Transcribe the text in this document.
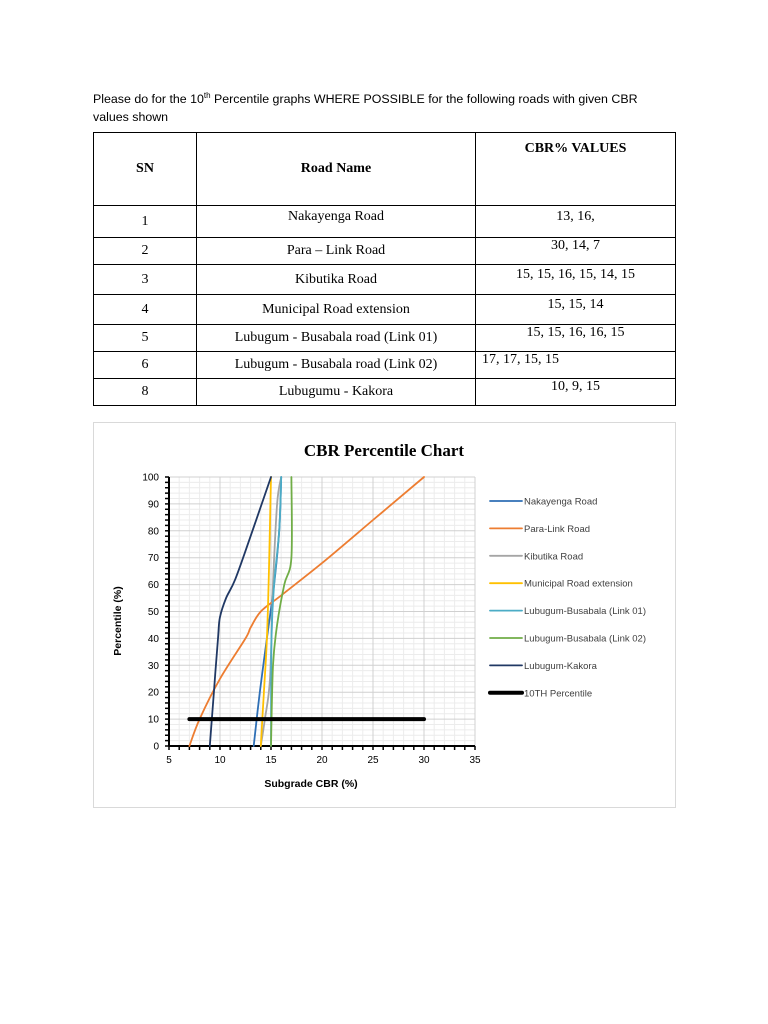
Please do for the 10th Percentile graphs WHERE POSSIBLE for the following roads with given CBR values shown
SN	Road Name	CBR% VALUES
1	Nakayenga Road	13, 16,
2	Para – Link Road	30, 14, 7
3	Kibutika Road	15, 15, 16, 15, 14, 15
4	Municipal Road extension	15, 15, 14
5	Lubugum - Busabala road (Link 01)	15, 15, 16, 16, 15
6	Lubugum - Busabala road (Link 02)	17, 17, 15, 15
8	Lubugumu - Kakora	10, 9, 15
CBR Percentile Chart
5	10	15	20	25	30	35
0
10
20
30
40
50
60
70
80
90
100
Subgrade CBR (%)
Percentile (%)
Nakayenga Road
Para-Link Road
Kibutika Road
Municipal Road extension
Lubugum-Busabala (Link 01)
Lubugum-Busabala (Link 02)
Lubugum-Kakora
10TH Percentile
